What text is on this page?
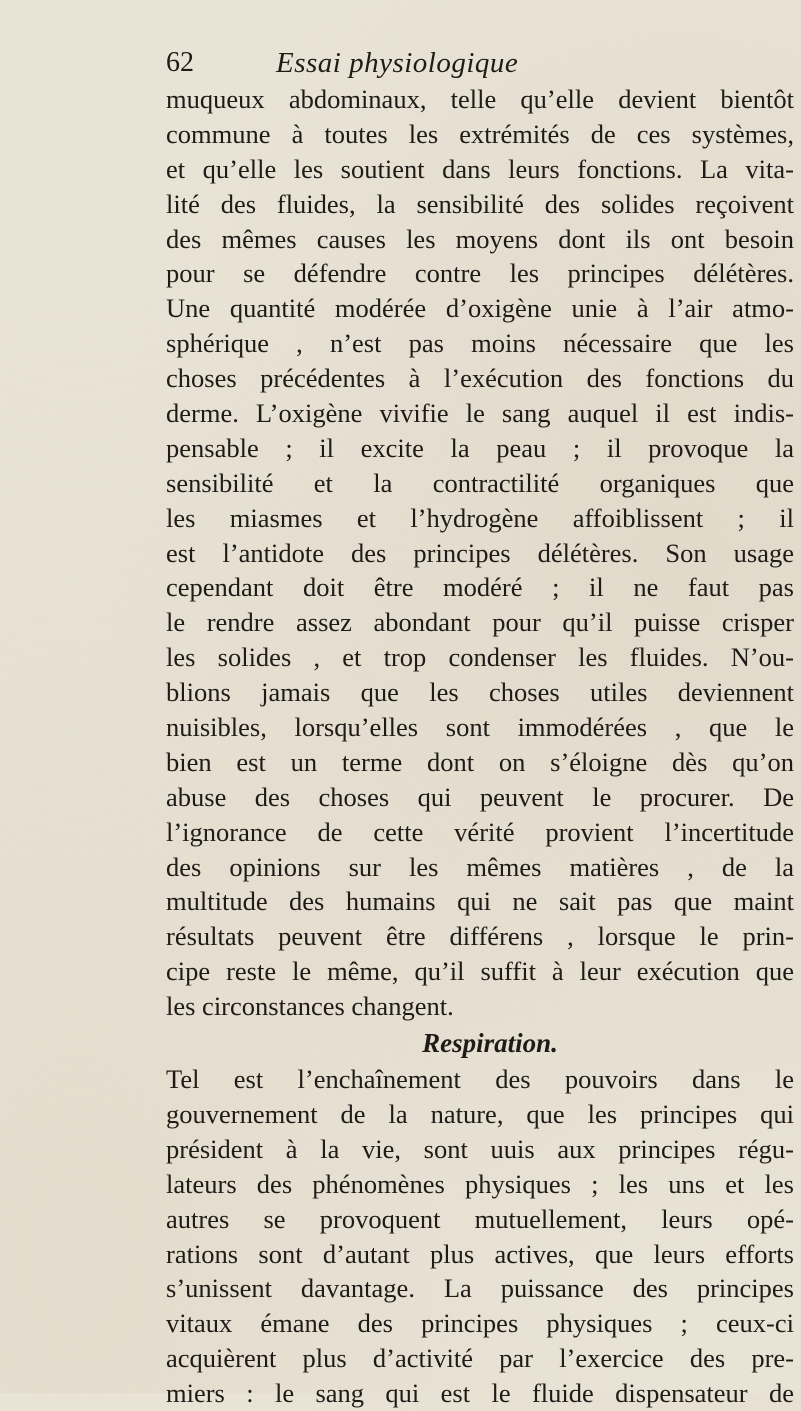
62	Essai physiologique
muqueux abdominaux, telle qu’elle devient bientôt
commune à toutes les extrémités de ces systèmes,
et qu’elle les soutient dans leurs fonctions. La vita-
lité des fluides, la sensibilité des solides reçoivent
des mêmes causes les moyens dont ils ont besoin
pour se défendre contre les principes délétères.
Une quantité modérée d’oxigène unie à l’air atmo-
sphérique , n’est pas moins nécessaire que les
choses précédentes à l’exécution des fonctions du
derme. L’oxigène vivifie le sang auquel il est indis-
pensable ; il excite la peau ; il provoque la
sensibilité et la contractilité organiques que
les miasmes et l’hydrogène affoiblissent ; il
est l’antidote des principes délétères. Son usage
cependant doit être modéré ; il ne faut pas
le rendre assez abondant pour qu’il puisse crisper
les solides , et trop condenser les fluides. N’ou-
blions jamais que les choses utiles deviennent
nuisibles, lorsqu’elles sont immodérées , que le
bien est un terme dont on s’éloigne dès qu’on
abuse des choses qui peuvent le procurer. De
l’ignorance de cette vérité provient l’incertitude
des opinions sur les mêmes matières , de la
multitude des humains qui ne sait pas que maint
résultats peuvent être différens , lorsque le prin-
cipe reste le même, qu’il suffit à leur exécution que
les circonstances changent.
Respiration.
Tel est l’enchaînement des pouvoirs dans le
gouvernement de la nature, que les principes qui
président à la vie, sont uuis aux principes régu-
lateurs des phénomènes physiques ; les uns et les
autres se provoquent mutuellement, leurs opé-
rations sont d’autant plus actives, que leurs efforts
s’unissent davantage. La puissance des principes
vitaux émane des principes physiques ; ceux-ci
acquièrent plus d’activité par l’exercice des pre-
miers : le sang qui est le fluide dispensateur de
